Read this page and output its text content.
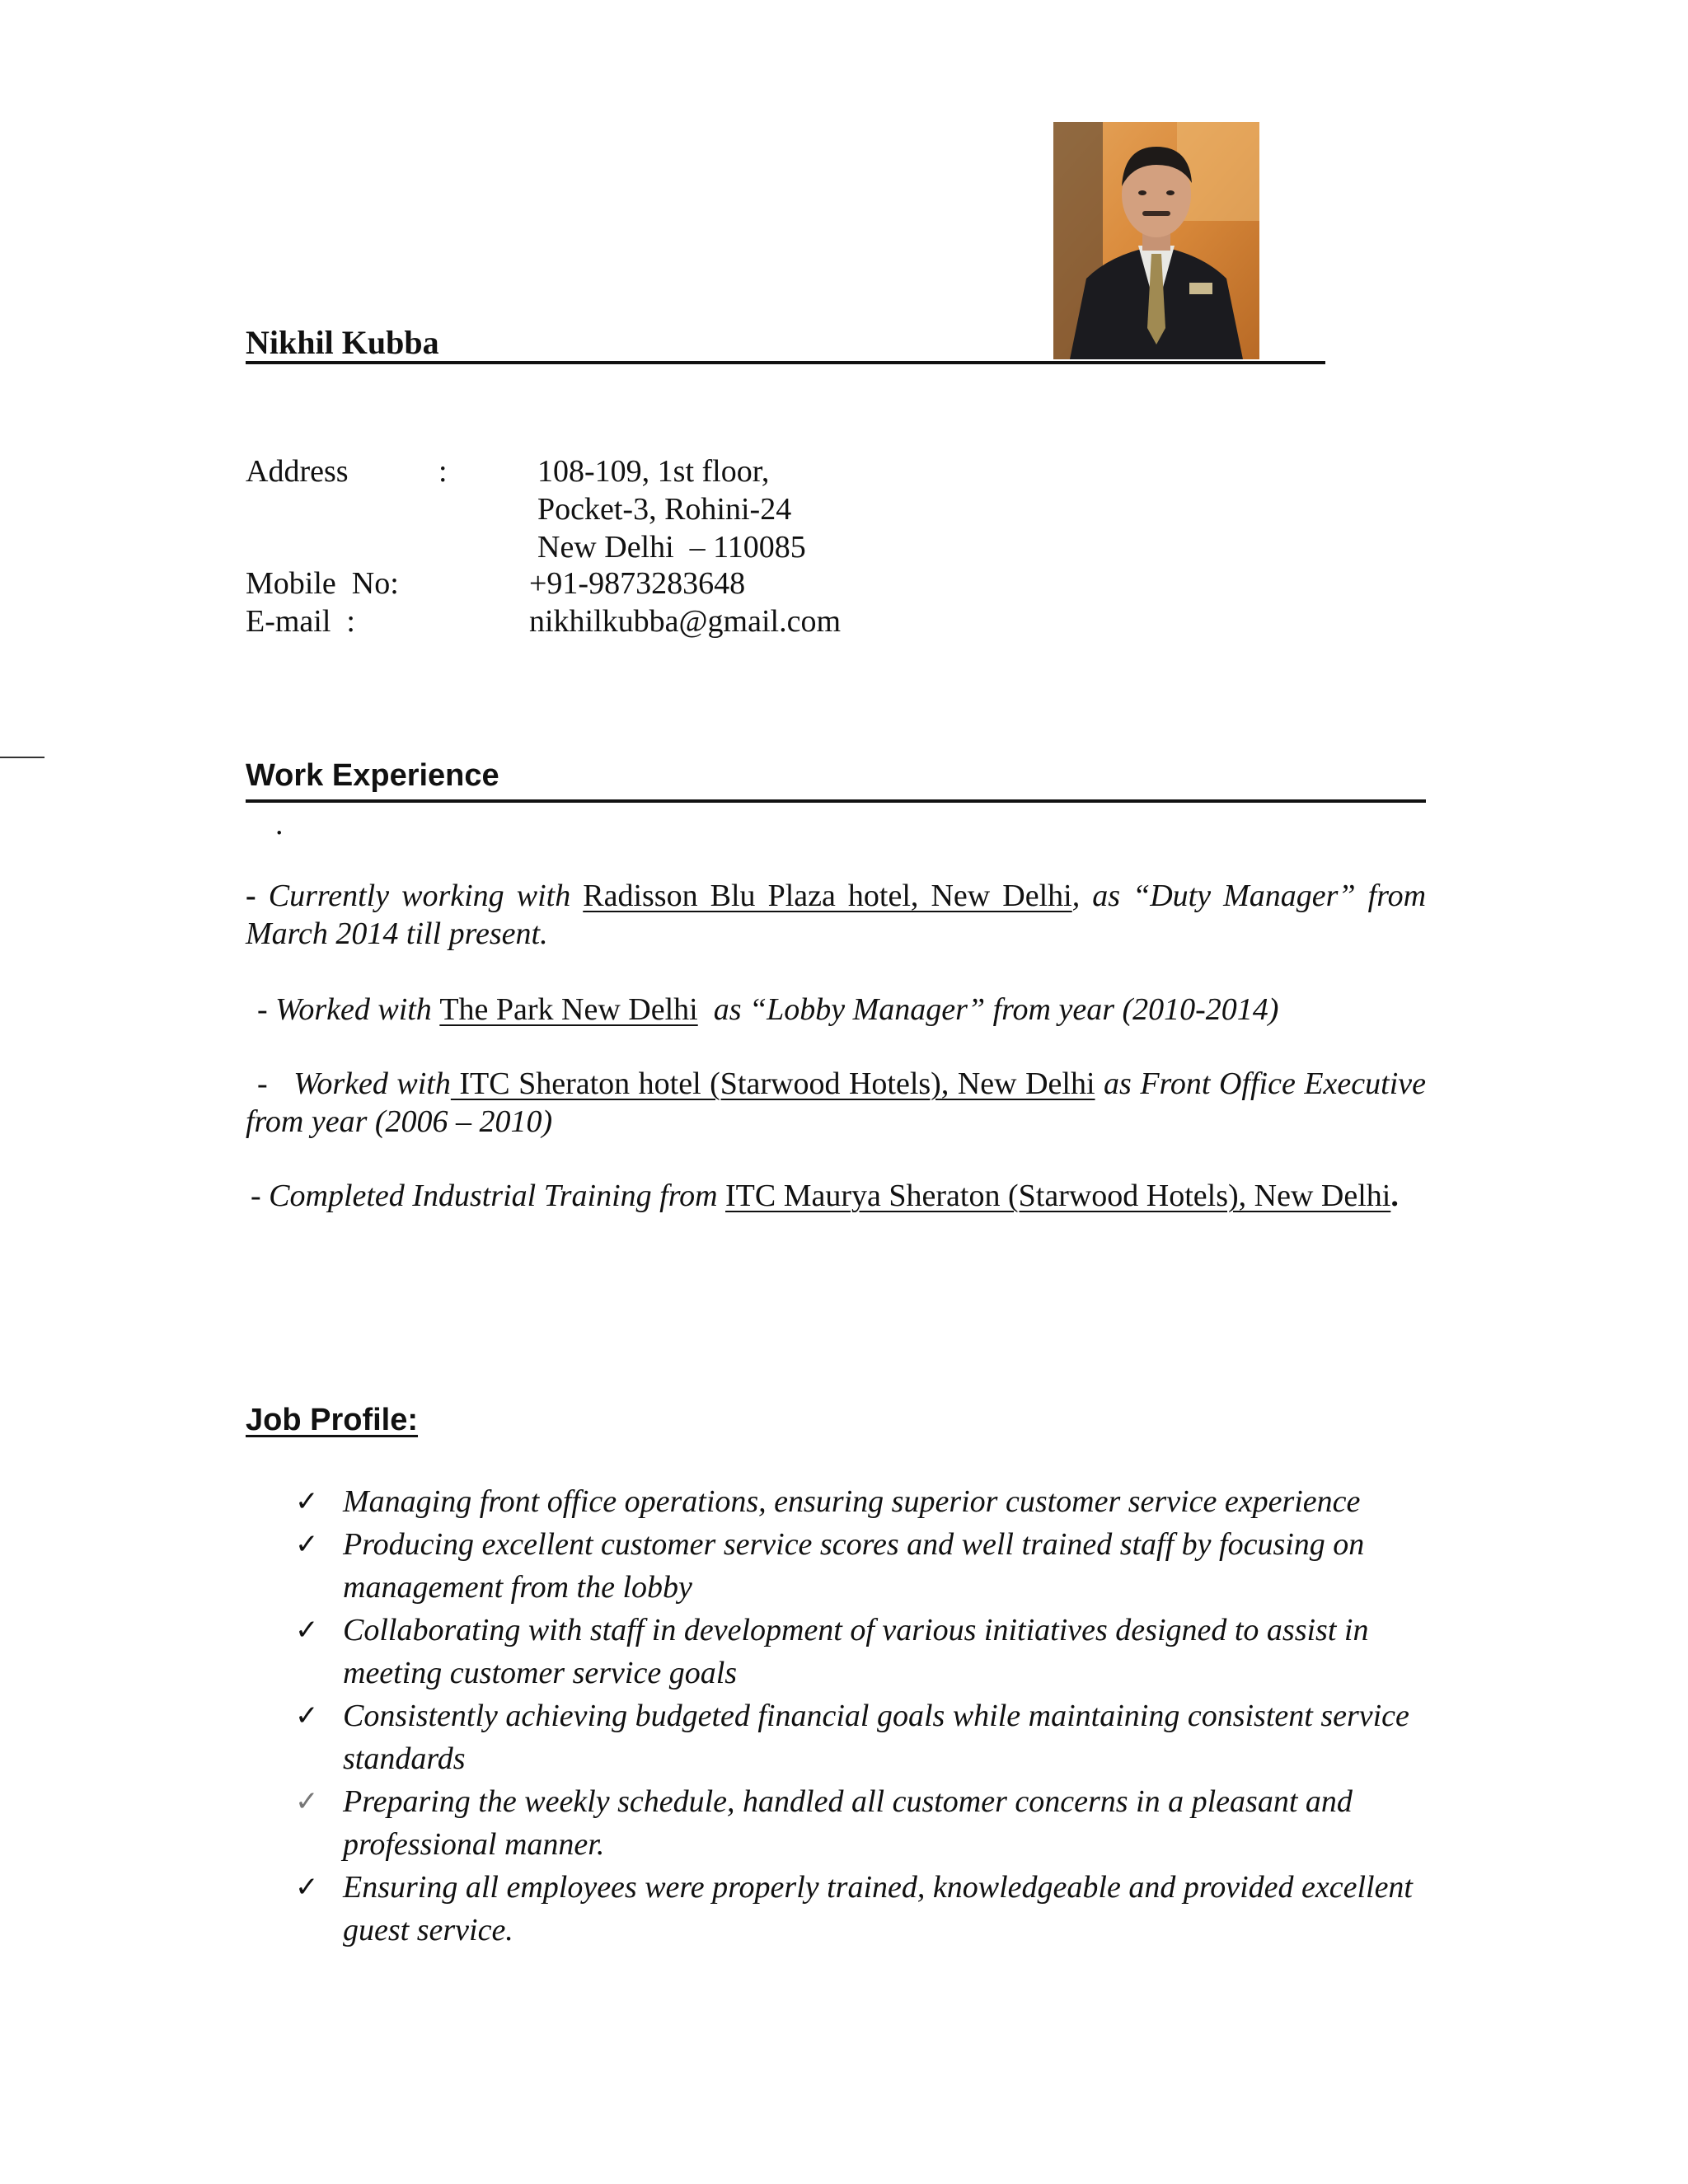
Nikhil Kubba
Address	:	108-109, 1st floor,
Pocket-3, Rohini-24
New Delhi  – 110085
Mobile  No:	+91-9873283648
E-mail  :	nikhilkubba@gmail.com
Work Experience
.
- Currently working with Radisson Blu Plaza hotel, New Delhi, as “Duty Manager” from March 2014 till present.
- Worked with The Park New Delhi  as “Lobby Manager” from year (2010-2014)
-   Worked with ITC Sheraton hotel (Starwood Hotels), New Delhi as Front Office Executive from year (2006 – 2010)
- Completed Industrial Training from ITC Maurya Sheraton (Starwood Hotels), New Delhi.
Job Profile:
✓ Managing front office operations, ensuring superior customer service experience
✓ Producing excellent customer service scores and well trained staff by focusing on management from the lobby
✓ Collaborating with staff in development of various initiatives designed to assist in meeting customer service goals
✓ Consistently achieving budgeted financial goals while maintaining consistent service standards
✓ Preparing the weekly schedule, handled all customer concerns in a pleasant and professional manner.
✓ Ensuring all employees were properly trained, knowledgeable and provided excellent guest service.
